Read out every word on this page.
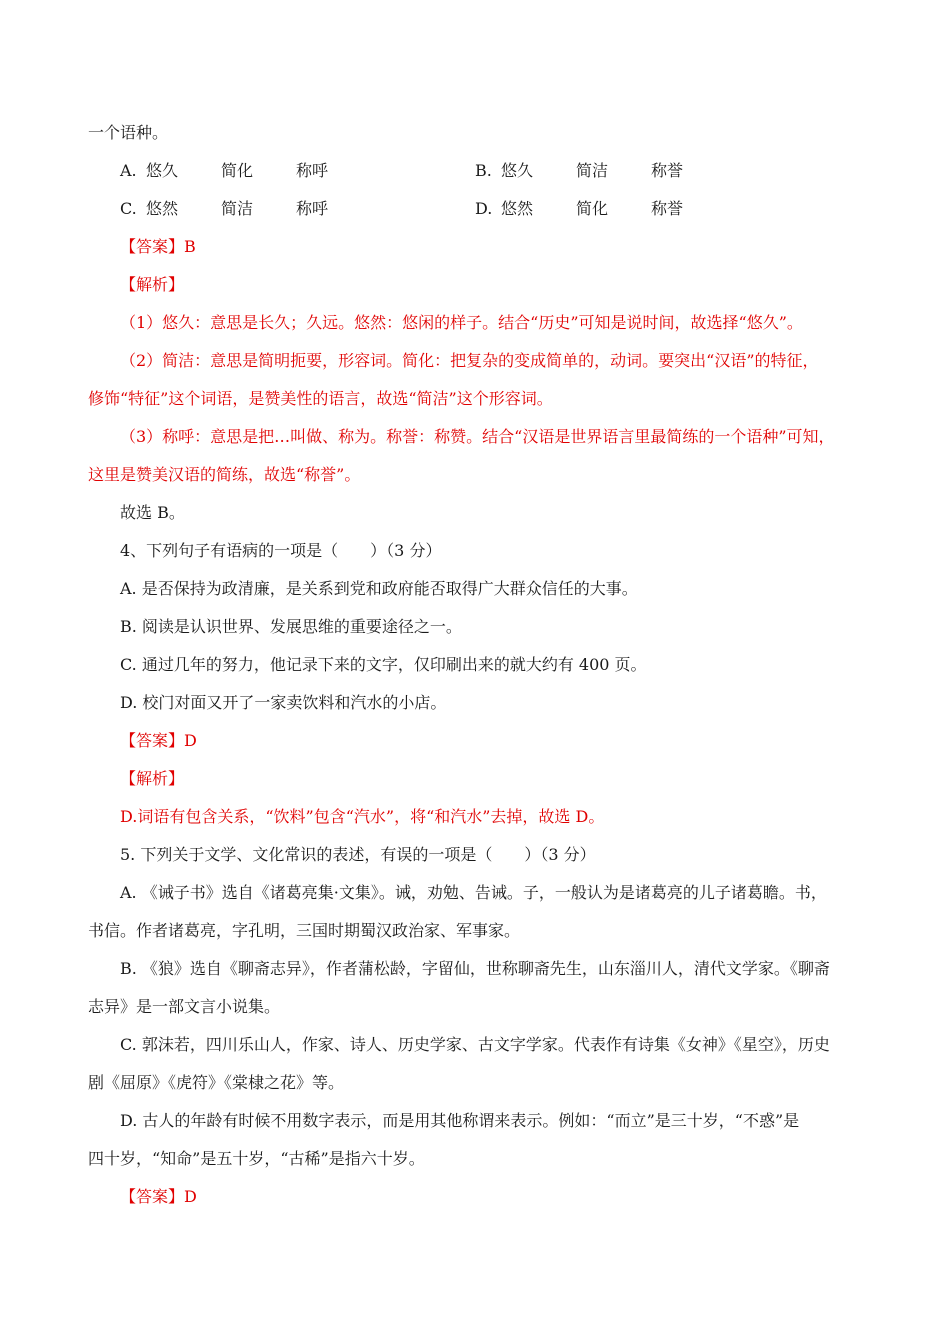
一个语种。
A. 悠久	简化	称呼	B. 悠久	简洁	称誉
C. 悠然	简洁	称呼	D. 悠然	简化	称誉
【答案】B
【解析】
（1）悠久：意思是长久；久远。悠然：悠闲的样子。结合“历史”可知是说时间，故选择“悠久”。
（2）简洁：意思是简明扼要，形容词。简化：把复杂的变成简单的，动词。要突出“汉语”的特征，
修饰“特征”这个词语，是赞美性的语言，故选“简洁”这个形容词。
（3）称呼：意思是把…叫做、称为。称誉：称赞。结合“汉语是世界语言里最简练的一个语种”可知，
这里是赞美汉语的简练，故选“称誉”。
故选 B。
4、下列句子有语病的一项是（　　）（3 分）
A. 是否保持为政清廉，是关系到党和政府能否取得广大群众信任的大事。
B. 阅读是认识世界、发展思维的重要途径之一。
C. 通过几年的努力，他记录下来的文字，仅印刷出来的就大约有 400 页。
D. 校门对面又开了一家卖饮料和汽水的小店。
【答案】D
【解析】
D.词语有包含关系，“饮料”包含“汽水”，将“和汽水”去掉，故选 D。
5. 下列关于文学、文化常识的表述，有误的一项是（　　）（3 分）
A. 《诫子书》选自《诸葛亮集·文集》。诫，劝勉、告诫。子，一般认为是诸葛亮的儿子诸葛瞻。书，
书信。作者诸葛亮，字孔明，三国时期蜀汉政治家、军事家。
B. 《狼》选自《聊斋志异》，作者蒲松龄，字留仙，世称聊斋先生，山东淄川人，清代文学家。《聊斋
志异》是一部文言小说集。
C. 郭沫若，四川乐山人，作家、诗人、历史学家、古文字学家。代表作有诗集《女神》《星空》，历史
剧《屈原》《虎符》《棠棣之花》等。
D. 古人的年龄有时候不用数字表示，而是用其他称谓来表示。例如：“而立”是三十岁，“不惑”是
四十岁，“知命”是五十岁，“古稀”是指六十岁。
【答案】D
